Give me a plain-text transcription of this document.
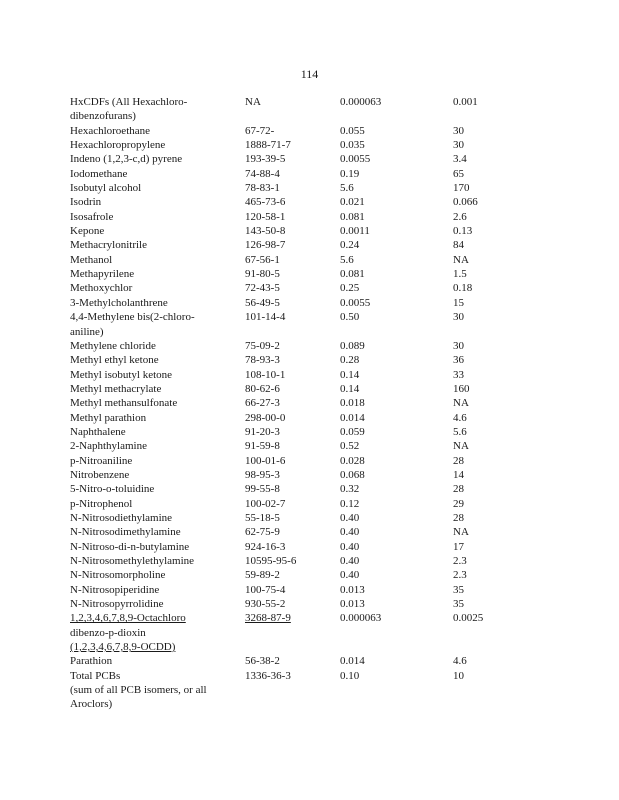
114
HxCDFs (All Hexachloro-	NA	0.000063	0.001
dibenzofurans)
Hexachloroethane	67-72-	0.055	30
Hexachloropropylene	1888-71-7	0.035	30
Indeno (1,2,3-c,d) pyrene	193-39-5	0.0055	3.4
Iodomethane	74-88-4	0.19	65
Isobutyl alcohol	78-83-1	5.6	170
Isodrin	465-73-6	0.021	0.066
Isosafrole	120-58-1	0.081	2.6
Kepone	143-50-8	0.0011	0.13
Methacrylonitrile	126-98-7	0.24	84
Methanol	67-56-1	5.6	NA
Methapyrilene	91-80-5	0.081	1.5
Methoxychlor	72-43-5	0.25	0.18
3-Methylcholanthrene	56-49-5	0.0055	15
4,4-Methylene bis(2-chloro-	101-14-4	0.50	30
aniline)
Methylene chloride	75-09-2	0.089	30
Methyl ethyl ketone	78-93-3	0.28	36
Methyl isobutyl ketone	108-10-1	0.14	33
Methyl methacrylate	80-62-6	0.14	160
Methyl methansulfonate	66-27-3	0.018	NA
Methyl parathion	298-00-0	0.014	4.6
Naphthalene	91-20-3	0.059	5.6
2-Naphthylamine	91-59-8	0.52	NA
p-Nitroaniline	100-01-6	0.028	28
Nitrobenzene	98-95-3	0.068	14
5-Nitro-o-toluidine	99-55-8	0.32	28
p-Nitrophenol	100-02-7	0.12	29
N-Nitrosodiethylamine	55-18-5	0.40	28
N-Nitrosodimethylamine	62-75-9	0.40	NA
N-Nitroso-di-n-butylamine	924-16-3	0.40	17
N-Nitrosomethylethylamine	10595-95-6	0.40	2.3
N-Nitrosomorpholine	59-89-2	0.40	2.3
N-Nitrosopiperidine	100-75-4	0.013	35
N-Nitrosopyrrolidine	930-55-2	0.013	35
1,2,3,4,6,7,8,9-Octachloro	3268-87-9	0.000063	0.0025
dibenzo-p-dioxin
(1,2,3,4,6,7,8,9-OCDD)
Parathion	56-38-2	0.014	4.6
Total PCBs	1336-36-3	0.10	10
(sum of all PCB isomers, or all
Aroclors)
